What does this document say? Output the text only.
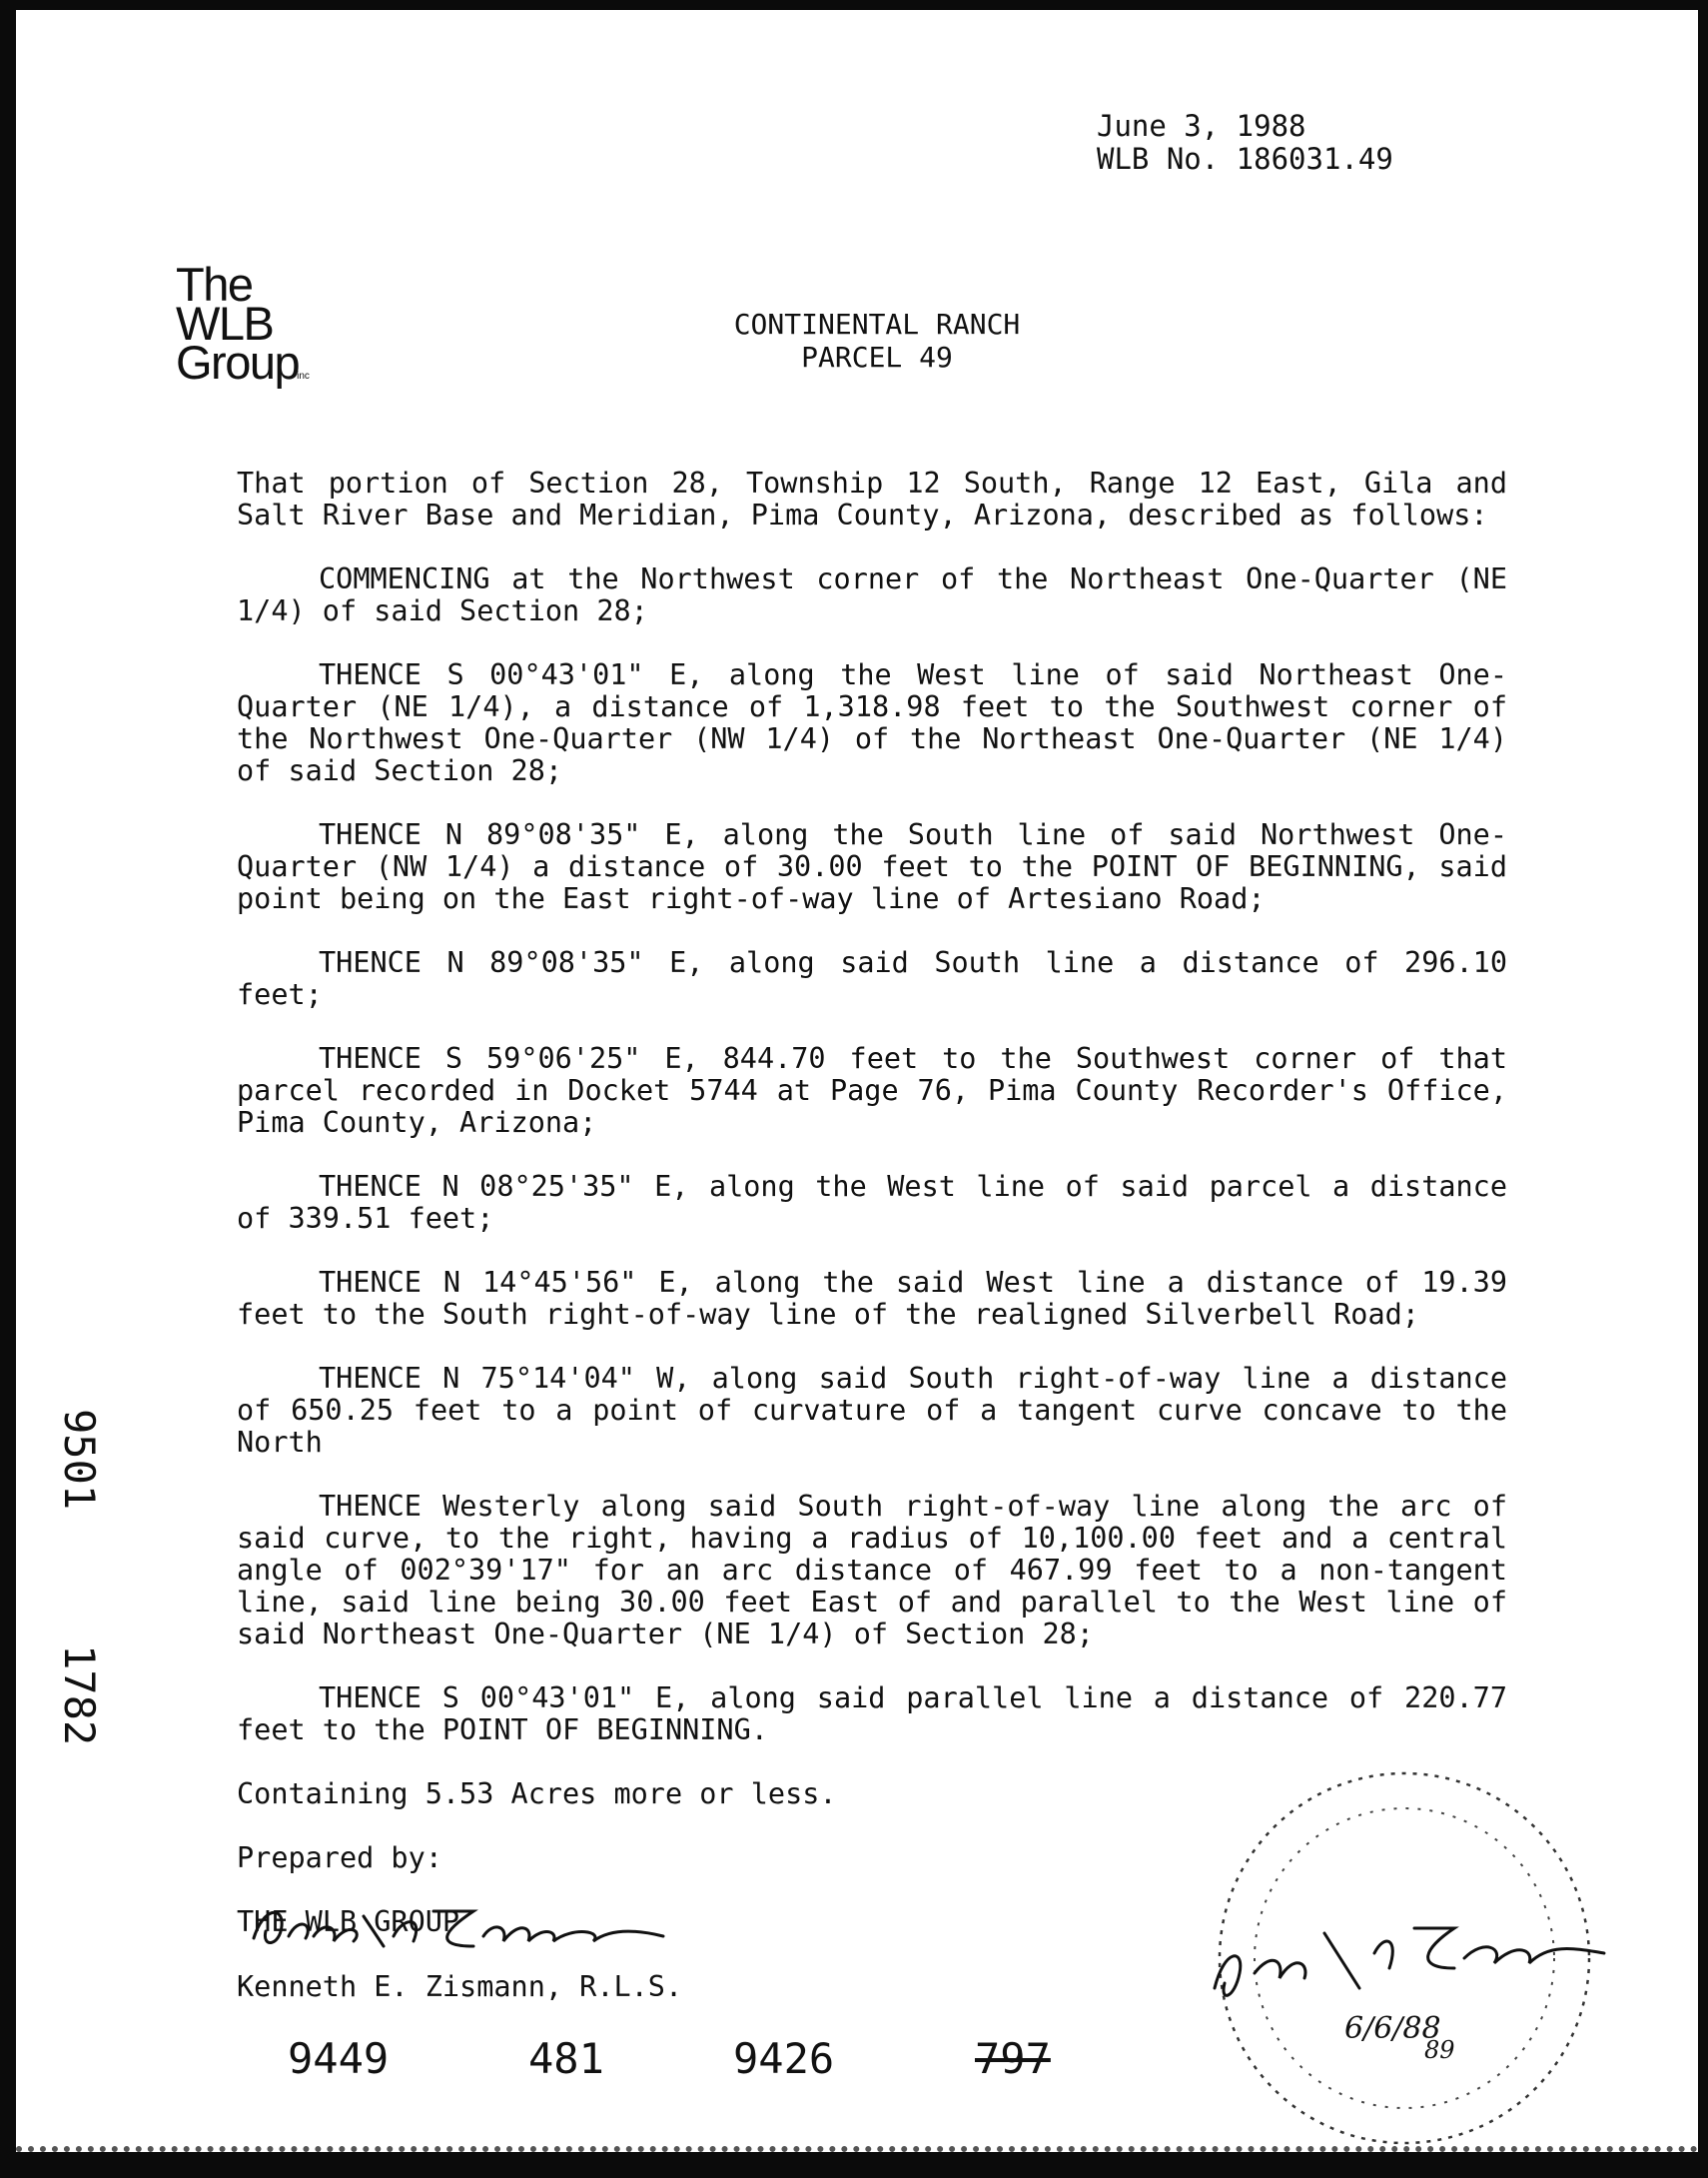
June 3, 1988
WLB No. 186031.49
The
WLB
Groupinc
CONTINENTAL RANCH
PARCEL 49

That portion of Section 28, Township 12 South, Range 12 East, Gila and Salt River Base and Meridian, Pima County, Arizona, described as follows:

COMMENCING at the Northwest corner of the Northeast One-Quarter (NE 1/4) of said Section 28;

THENCE S 00°43'01" E, along the West line of said Northeast One-Quarter (NE 1/4), a distance of 1,318.98 feet to the Southwest corner of the Northwest One-Quarter (NW 1/4) of the Northeast One-Quarter (NE 1/4) of said Section 28;

THENCE N 89°08'35" E, along the South line of said Northwest One-Quarter (NW 1/4) a distance of 30.00 feet to the POINT OF BEGINNING, said point being on the East right-of-way line of Artesiano Road;

THENCE N 89°08'35" E, along said South line a distance of 296.10 feet;

THENCE S 59°06'25" E, 844.70 feet to the Southwest corner of that parcel recorded in Docket 5744 at Page 76, Pima County Recorder's Office, Pima County, Arizona;

THENCE N 08°25'35" E, along the West line of said parcel a distance of 339.51 feet;

THENCE N 14°45'56" E, along the said West line a distance of 19.39 feet to the South right-of-way line of the realigned Silverbell Road;

THENCE N 75°14'04" W, along said South right-of-way line a distance of 650.25 feet to a point of curvature of a tangent curve concave to the North

THENCE Westerly along said South right-of-way line along the arc of said curve, to the right, having a radius of 10,100.00 feet and a central angle of 002°39'17" for an arc distance of 467.99 feet to a non-tangent line, said line being 30.00 feet East of and parallel to the West line of said Northeast One-Quarter (NE 1/4) of Section 28;

THENCE S 00°43'01" E, along said parallel line a distance of 220.77 feet to the POINT OF BEGINNING.

Containing 5.53 Acres more or less.

Prepared by:

THE WLB GROUP

Kenneth E. Zismann, R.L.S.
6/6/88
89
9501
1782
9449	481	9426	797
